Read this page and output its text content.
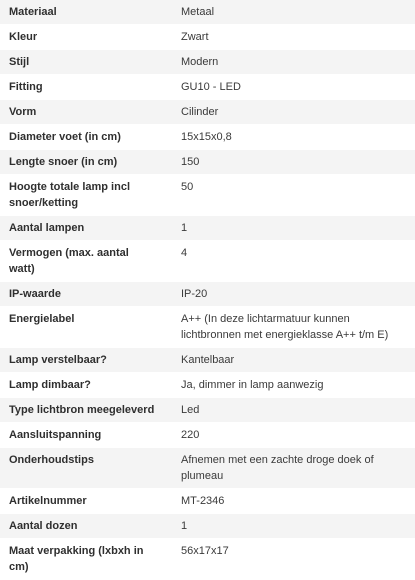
Materiaal	Metaal
Kleur	Zwart
Stijl	Modern
Fitting	GU10 - LED
Vorm	Cilinder
Diameter voet (in cm)	15x15x0,8
Lengte snoer (in cm)	150
Hoogte totale lamp incl snoer/ketting	50
Aantal lampen	1
Vermogen (max. aantal watt)	4
IP-waarde	IP-20
Energielabel	A++ (In deze lichtarmatuur kunnen lichtbronnen met energieklasse A++ t/m E)
Lamp verstelbaar?	Kantelbaar
Lamp dimbaar?	Ja, dimmer in lamp aanwezig
Type lichtbron meegeleverd	Led
Aansluitspanning	220
Onderhoudstips	Afnemen met een zachte droge doek of plumeau
Artikelnummer	MT-2346
Aantal dozen	1
Maat verpakking (lxbxh in cm)	56x17x17
